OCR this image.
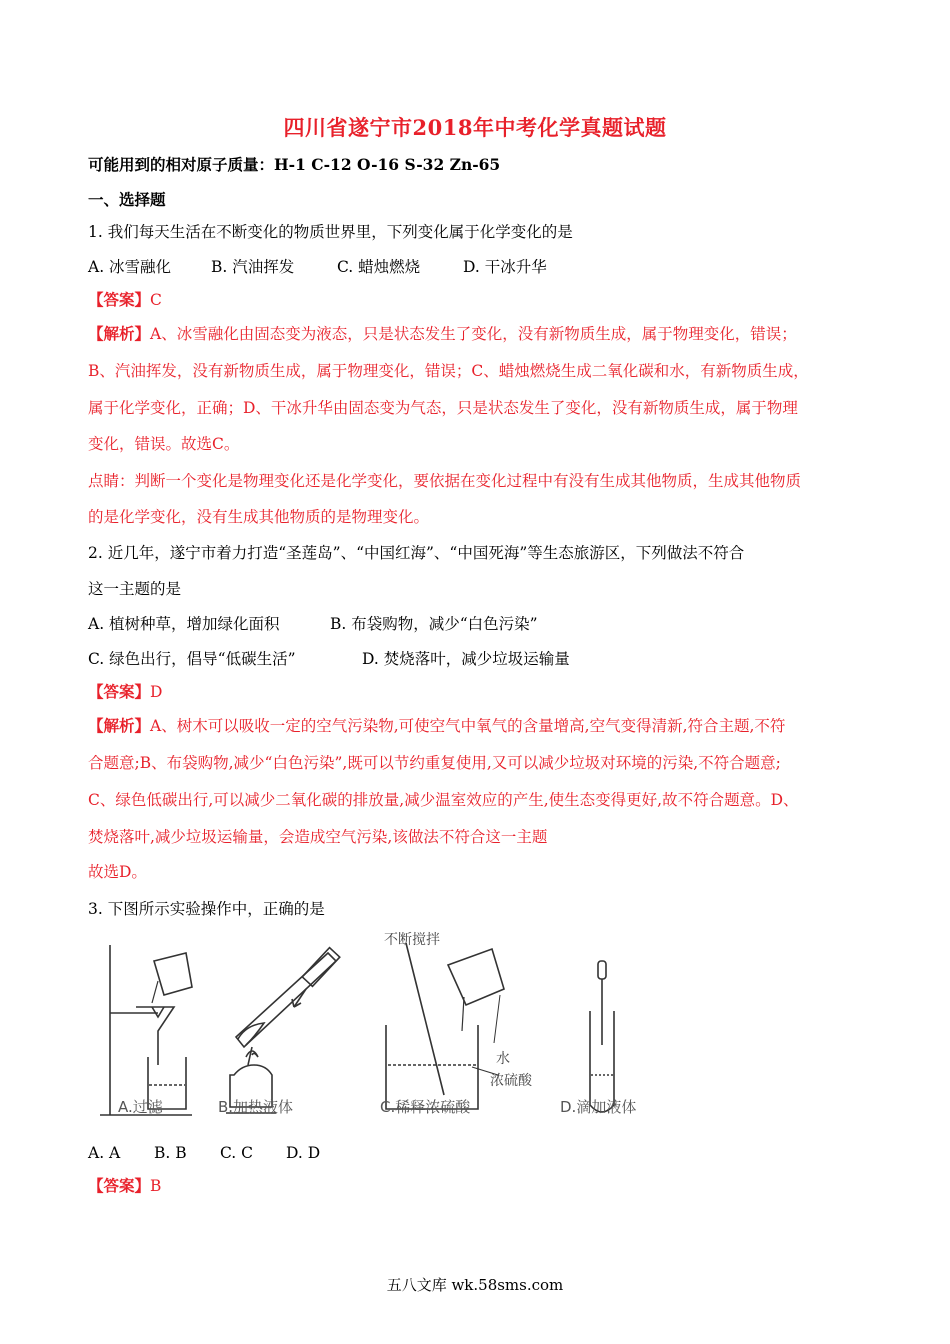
四川省遂宁市2018年中考化学真题试题
可能用到的相对原子质量：H-1 C-12 O-16 S-32 Zn-65
一、选择题
1. 我们每天生活在不断变化的物质世界里，下列变化属于化学变化的是
A. 冰雪融化	B. 汽油挥发	C. 蜡烛燃烧	D. 干冰升华
【答案】C
【解析】A、冰雪融化由固态变为液态，只是状态发生了变化，没有新物质生成，属于物理变化，错误；
B、汽油挥发，没有新物质生成，属于物理变化，错误；C、蜡烛燃烧生成二氧化碳和水，有新物质生成，
属于化学变化，正确；D、干冰升华由固态变为气态，只是状态发生了变化，没有新物质生成，属于物理
变化，错误。故选C。
点睛：判断一个变化是物理变化还是化学变化，要依据在变化过程中有没有生成其他物质，生成其他物质
的是化学变化，没有生成其他物质的是物理变化。
2. 近几年，遂宁市着力打造“圣莲岛”、“中国红海”、“中国死海”等生态旅游区，下列做法不符合
这一主题的是
A. 植树种草，增加绿化面积	B. 布袋购物，减少“白色污染”
C. 绿色出行，倡导“低碳生活”	D. 焚烧落叶，减少垃圾运输量
【答案】D
【解析】A、树木可以吸收一定的空气污染物,可使空气中氧气的含量增高,空气变得清新,符合主题,不符
合题意;B、布袋购物,减少“白色污染”,既可以节约重复使用,又可以减少垃圾对环境的污染,不符合题意;
C、绿色低碳出行,可以减少二氧化碳的排放量,减少温室效应的产生,使生态变得更好,故不符合题意。D、
焚烧落叶,减少垃圾运输量，会造成空气污染,该做法不符合这一主题
故选D。
3. 下图所示实验操作中，正确的是
不断搅拌
水
浓硫酸
A.过滤	B.加热液体	C.稀释浓硫酸	D.滴加液体
A. A B. B C. C D. D
【答案】B
五八文库 wk.58sms.com
